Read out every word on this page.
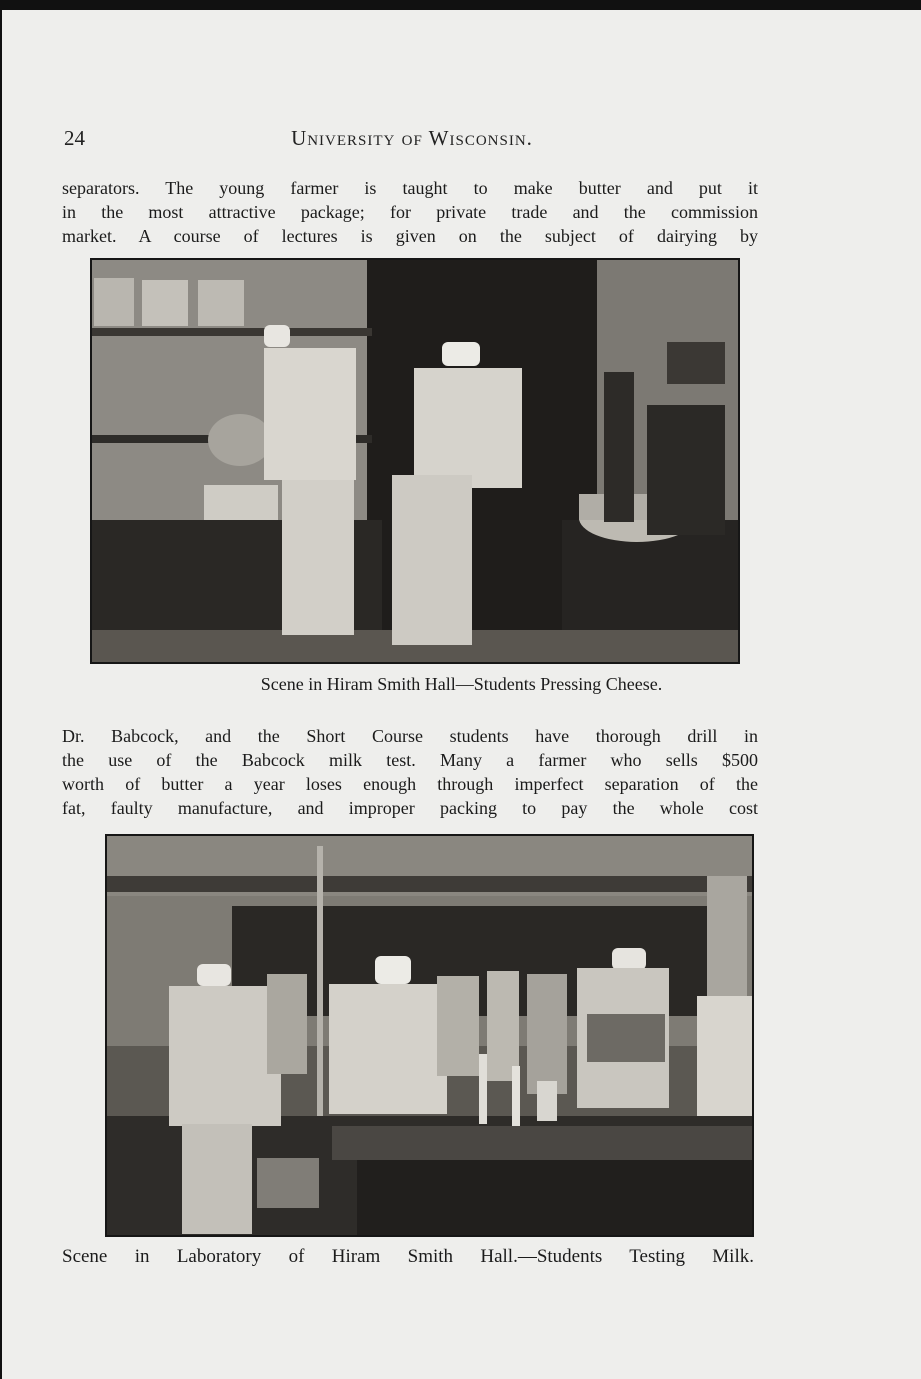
24	University of Wisconsin.
separators. The young farmer is taught to make butter and put it
in the most attractive package; for private trade and the commission
market. A course of lectures is given on the subject of dairying by
Scene in Hiram Smith Hall—Students Pressing Cheese.
Dr. Babcock, and the Short Course students have thorough drill in
the use of the Babcock milk test. Many a farmer who sells $500
worth of butter a year loses enough through imperfect separation of the
fat, faulty manufacture, and improper packing to pay the whole cost
Scene in Laboratory of Hiram Smith Hall.—Students Testing Milk.
